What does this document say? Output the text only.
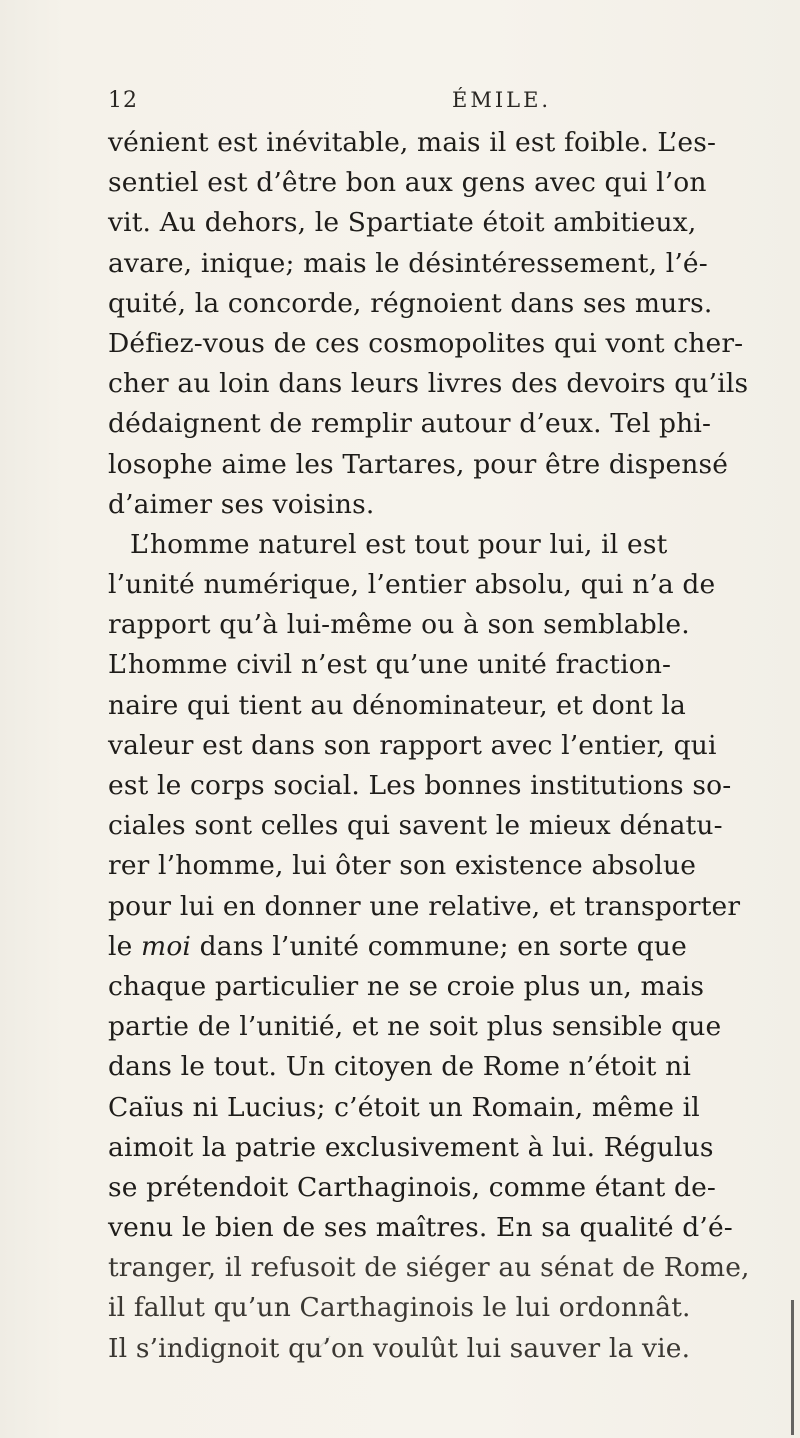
12	ÉMILE.
vénient est inévitable, mais il est foible. L’es-
sentiel est d’être bon aux gens avec qui l’on
vit. Au dehors, le Spartiate étoit ambitieux,
avare, inique; mais le désintéressement, l’é-
quité, la concorde, régnoient dans ses murs.
Défiez-vous de ces cosmopolites qui vont cher-
cher au loin dans leurs livres des devoirs qu’ils
dédaignent de remplir autour d’eux. Tel phi-
losophe aime les Tartares, pour être dispensé
d’aimer ses voisins.
L’homme naturel est tout pour lui, il est
l’unité numérique, l’entier absolu, qui n’a de
rapport qu’à lui-même ou à son semblable.
L’homme civil n’est qu’une unité fraction-
naire qui tient au dénominateur, et dont la
valeur est dans son rapport avec l’entier, qui
est le corps social. Les bonnes institutions so-
ciales sont celles qui savent le mieux dénatu-
rer l’homme, lui ôter son existence absolue
pour lui en donner une relative, et transporter
le moi dans l’unité commune; en sorte que
chaque particulier ne se croie plus un, mais
partie de l’unitié, et ne soit plus sensible que
dans le tout. Un citoyen de Rome n’étoit ni
Caïus ni Lucius; c’étoit un Romain, même il
aimoit la patrie exclusivement à lui. Régulus
se prétendoit Carthaginois, comme étant de-
venu le bien de ses maîtres. En sa qualité d’é-
tranger, il refusoit de siéger au sénat de Rome,
il fallut qu’un Carthaginois le lui ordonnât.
Il s’indignoit qu’on voulût lui sauver la vie.
